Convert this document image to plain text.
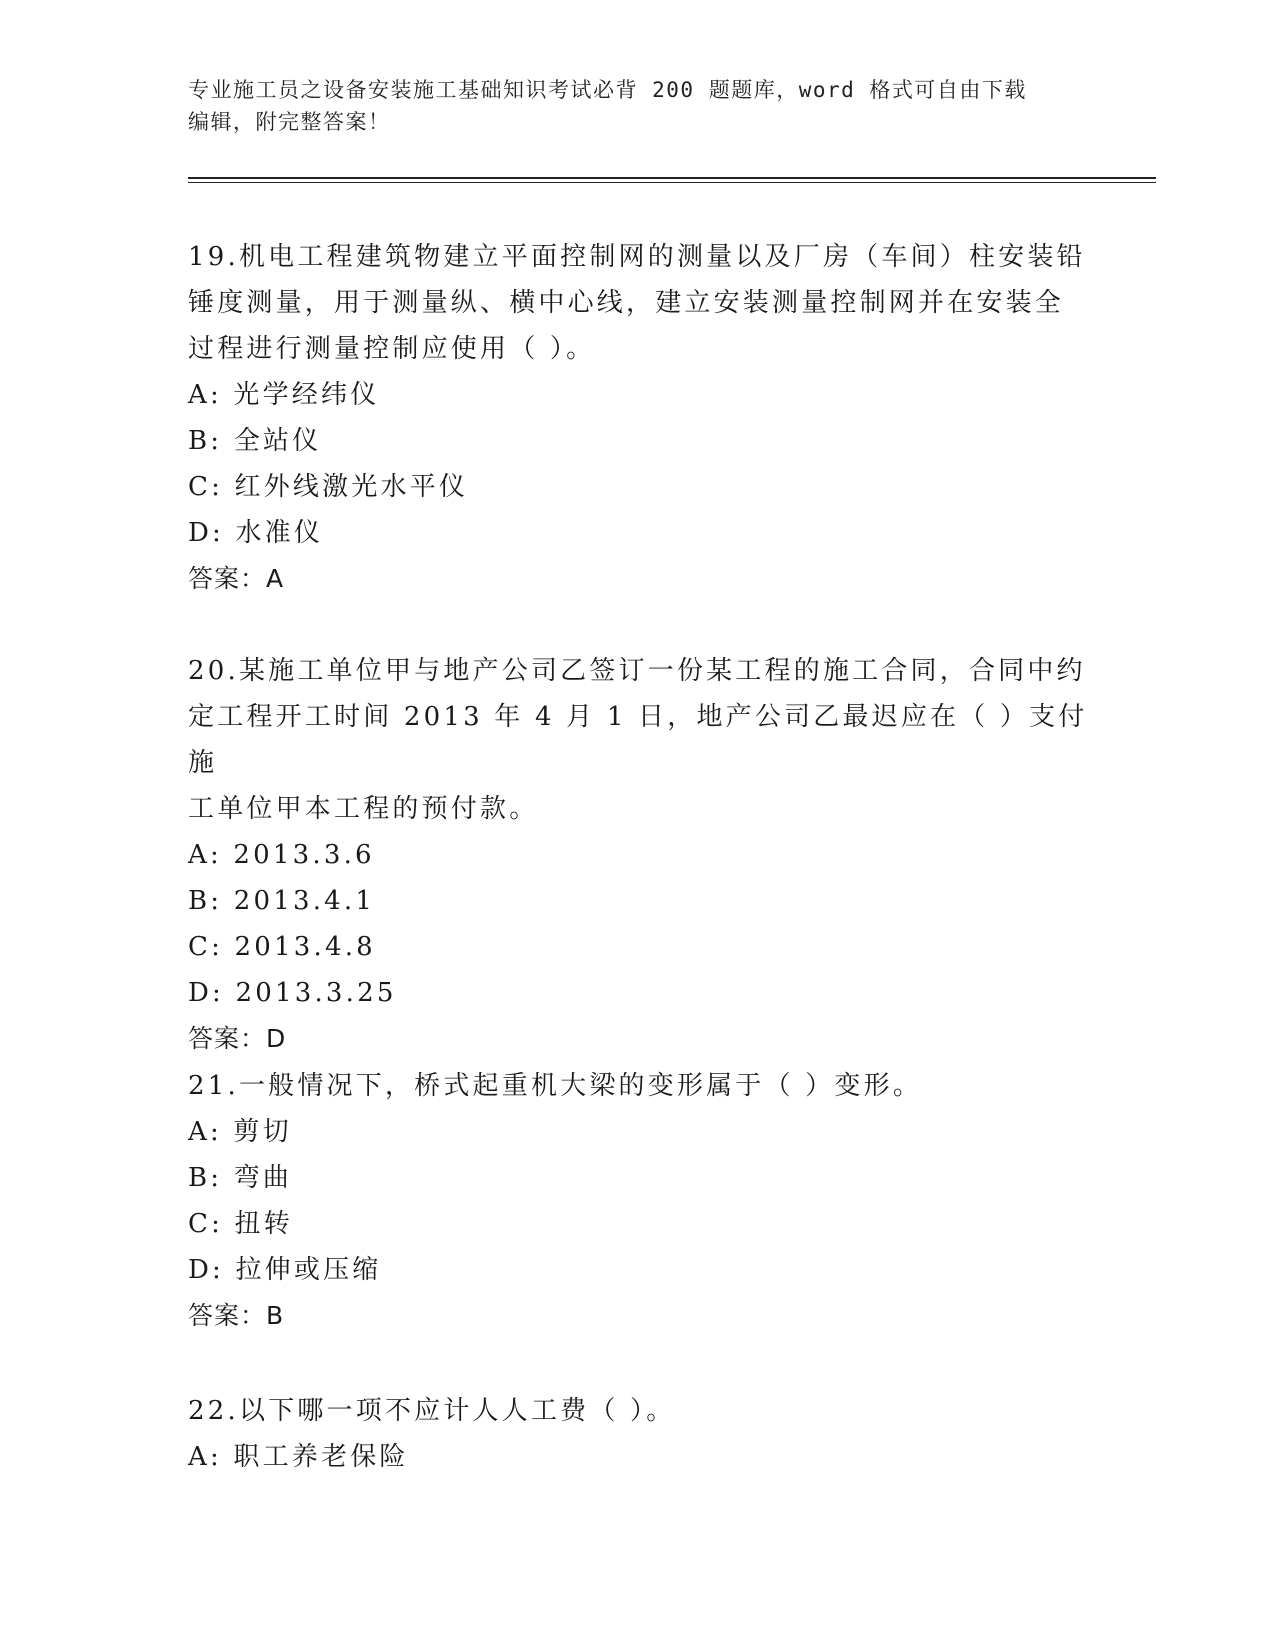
专业施工员之设备安装施工基础知识考试必背 200 题题库，word 格式可自由下载
编辑，附完整答案！

19.机电工程建筑物建立平面控制网的测量以及厂房（车间）柱安装铅

锤度测量，用于测量纵、横中心线，建立安装测量控制网并在安装全

过程进行测量控制应使用（ ）。

A: 光学经纬仪

B: 全站仪

C: 红外线激光水平仪

D: 水准仪

答案：A

20.某施工单位甲与地产公司乙签订一份某工程的施工合同，合同中约

定工程开工时间 2013 年 4 月 1 日，地产公司乙最迟应在（ ）支付施

工单位甲本工程的预付款。

A: 2013.3.6

B: 2013.4.1

C: 2013.4.8

D: 2013.3.25

答案：D

21.一般情况下，桥式起重机大梁的变形属于（ ）变形。

A: 剪切

B: 弯曲

C: 扭转

D: 拉伸或压缩

答案：B

22.以下哪一项不应计人人工费（ ）。

A: 职工养老保险
